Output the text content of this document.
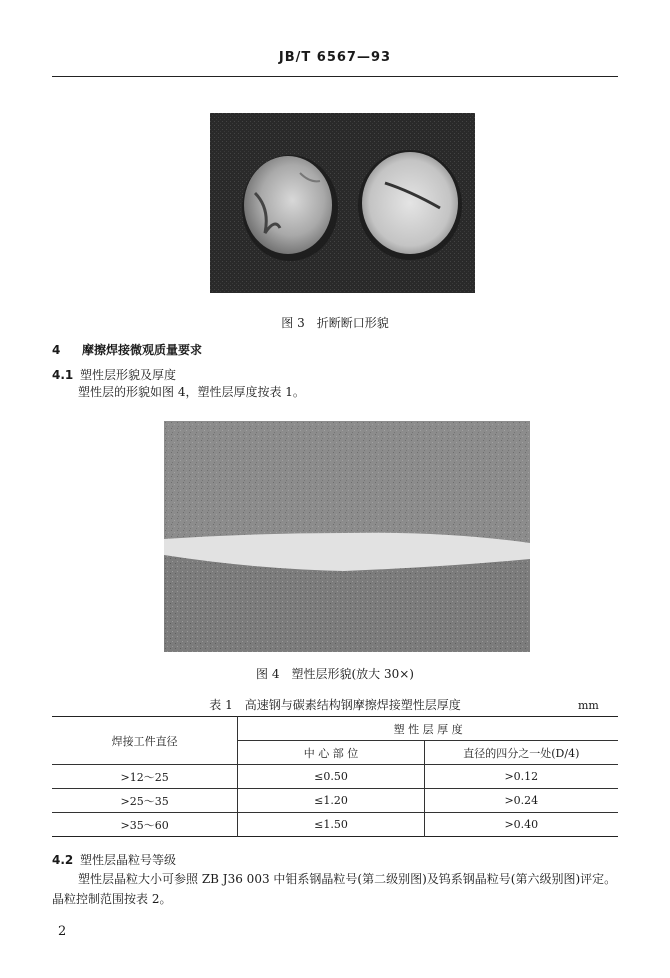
JB/T 6567—93
图 3　折断断口形貌
4 摩擦焊接微观质量要求
4.1 塑性层形貌及厚度
塑性层的形貌如图 4，塑性层厚度按表 1。
图 4　塑性层形貌(放大 30×)
表 1　高速钢与碳素结构钢摩擦焊接塑性层厚度	mm
焊接工件直径	塑 性 层 厚 度	
	中 心 部 位	直径的四分之一处(D/4)
>12～25	≤0.50	>0.12
>25～35	≤1.20	>0.24
>35～60	≤1.50	>0.40
4.2 塑性层晶粒号等级
塑性层晶粒大小可参照 ZB J36 003 中钼系钢晶粒号(第二级别图)及钨系钢晶粒号(第六级别图)评定。晶粒控制范围按表 2。
2
